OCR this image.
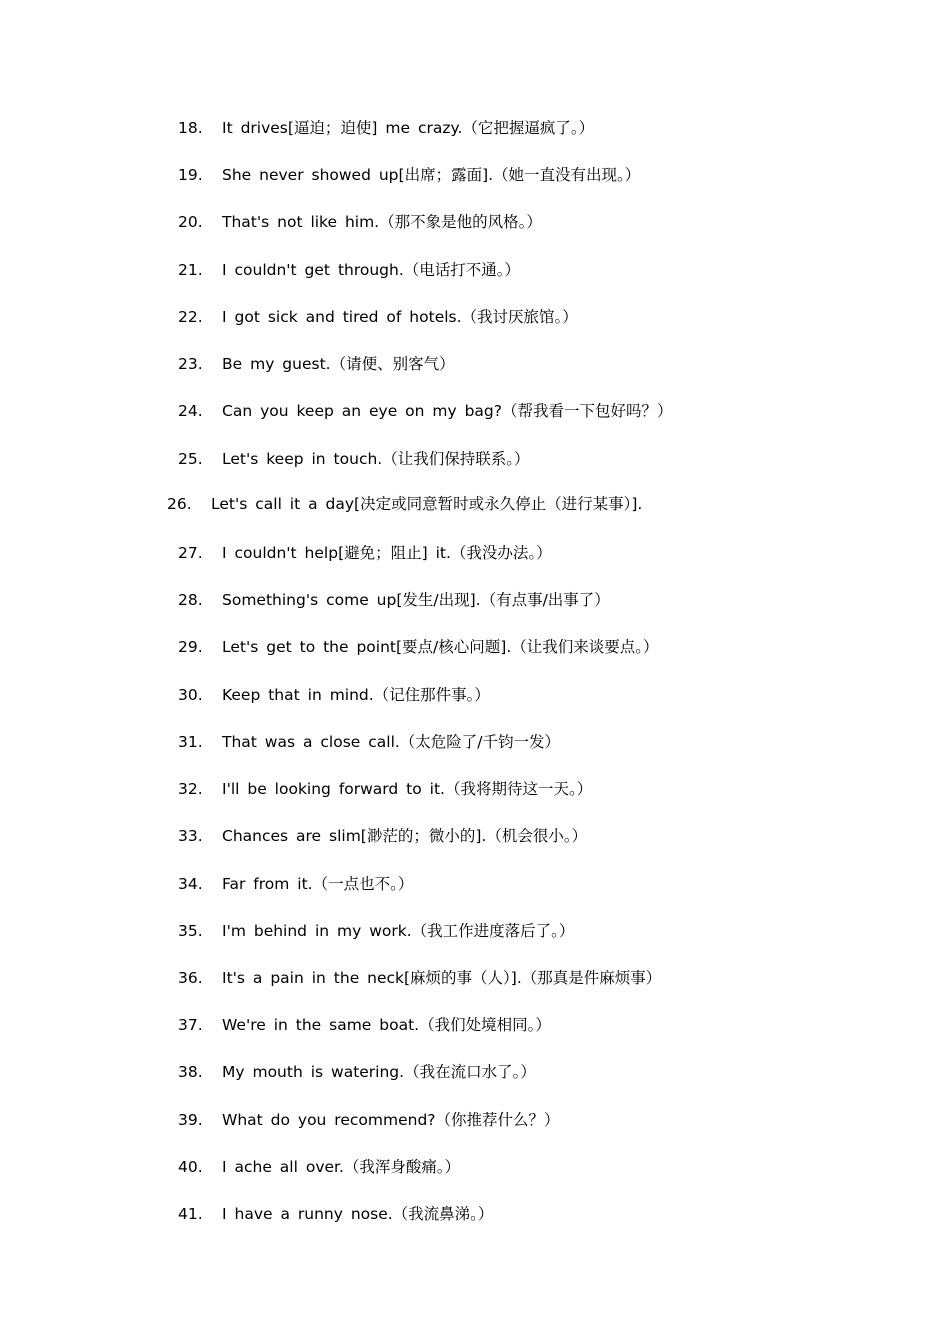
18. It drives[逼迫；迫使] me crazy.（它把握逼疯了。）
19. She never showed up[出席；露面].（她一直没有出现。）
20. That's not like him.（那不象是他的风格。）
21. I couldn't get through.（电话打不通。）
22. I got sick and tired of hotels.（我讨厌旅馆。）
23. Be my guest.（请便、别客气）
24. Can you keep an eye on my bag?（帮我看一下包好吗？）
25. Let's keep in touch.（让我们保持联系。）
26. Let's call it a day[决定或同意暂时或永久停止（进行某事）].
27. I couldn't help[避免；阻止] it.（我没办法。）
28. Something's come up[发生/出现].（有点事/出事了）
29. Let's get to the point[要点/核心问题].（让我们来谈要点。）
30. Keep that in mind.（记住那件事。）
31. That was a close call.（太危险了/千钧一发）
32. I'll be looking forward to it.（我将期待这一天。）
33. Chances are slim[渺茫的；微小的].（机会很小。）
34. Far from it.（一点也不。）
35. I'm behind in my work.（我工作进度落后了。）
36. It's a pain in the neck[麻烦的事（人）].（那真是件麻烦事）
37. We're in the same boat.（我们处境相同。）
38. My mouth is watering.（我在流口水了。）
39. What do you recommend?（你推荐什么？）
40. I ache all over.（我浑身酸痛。）
41. I have a runny nose.（我流鼻涕。）
